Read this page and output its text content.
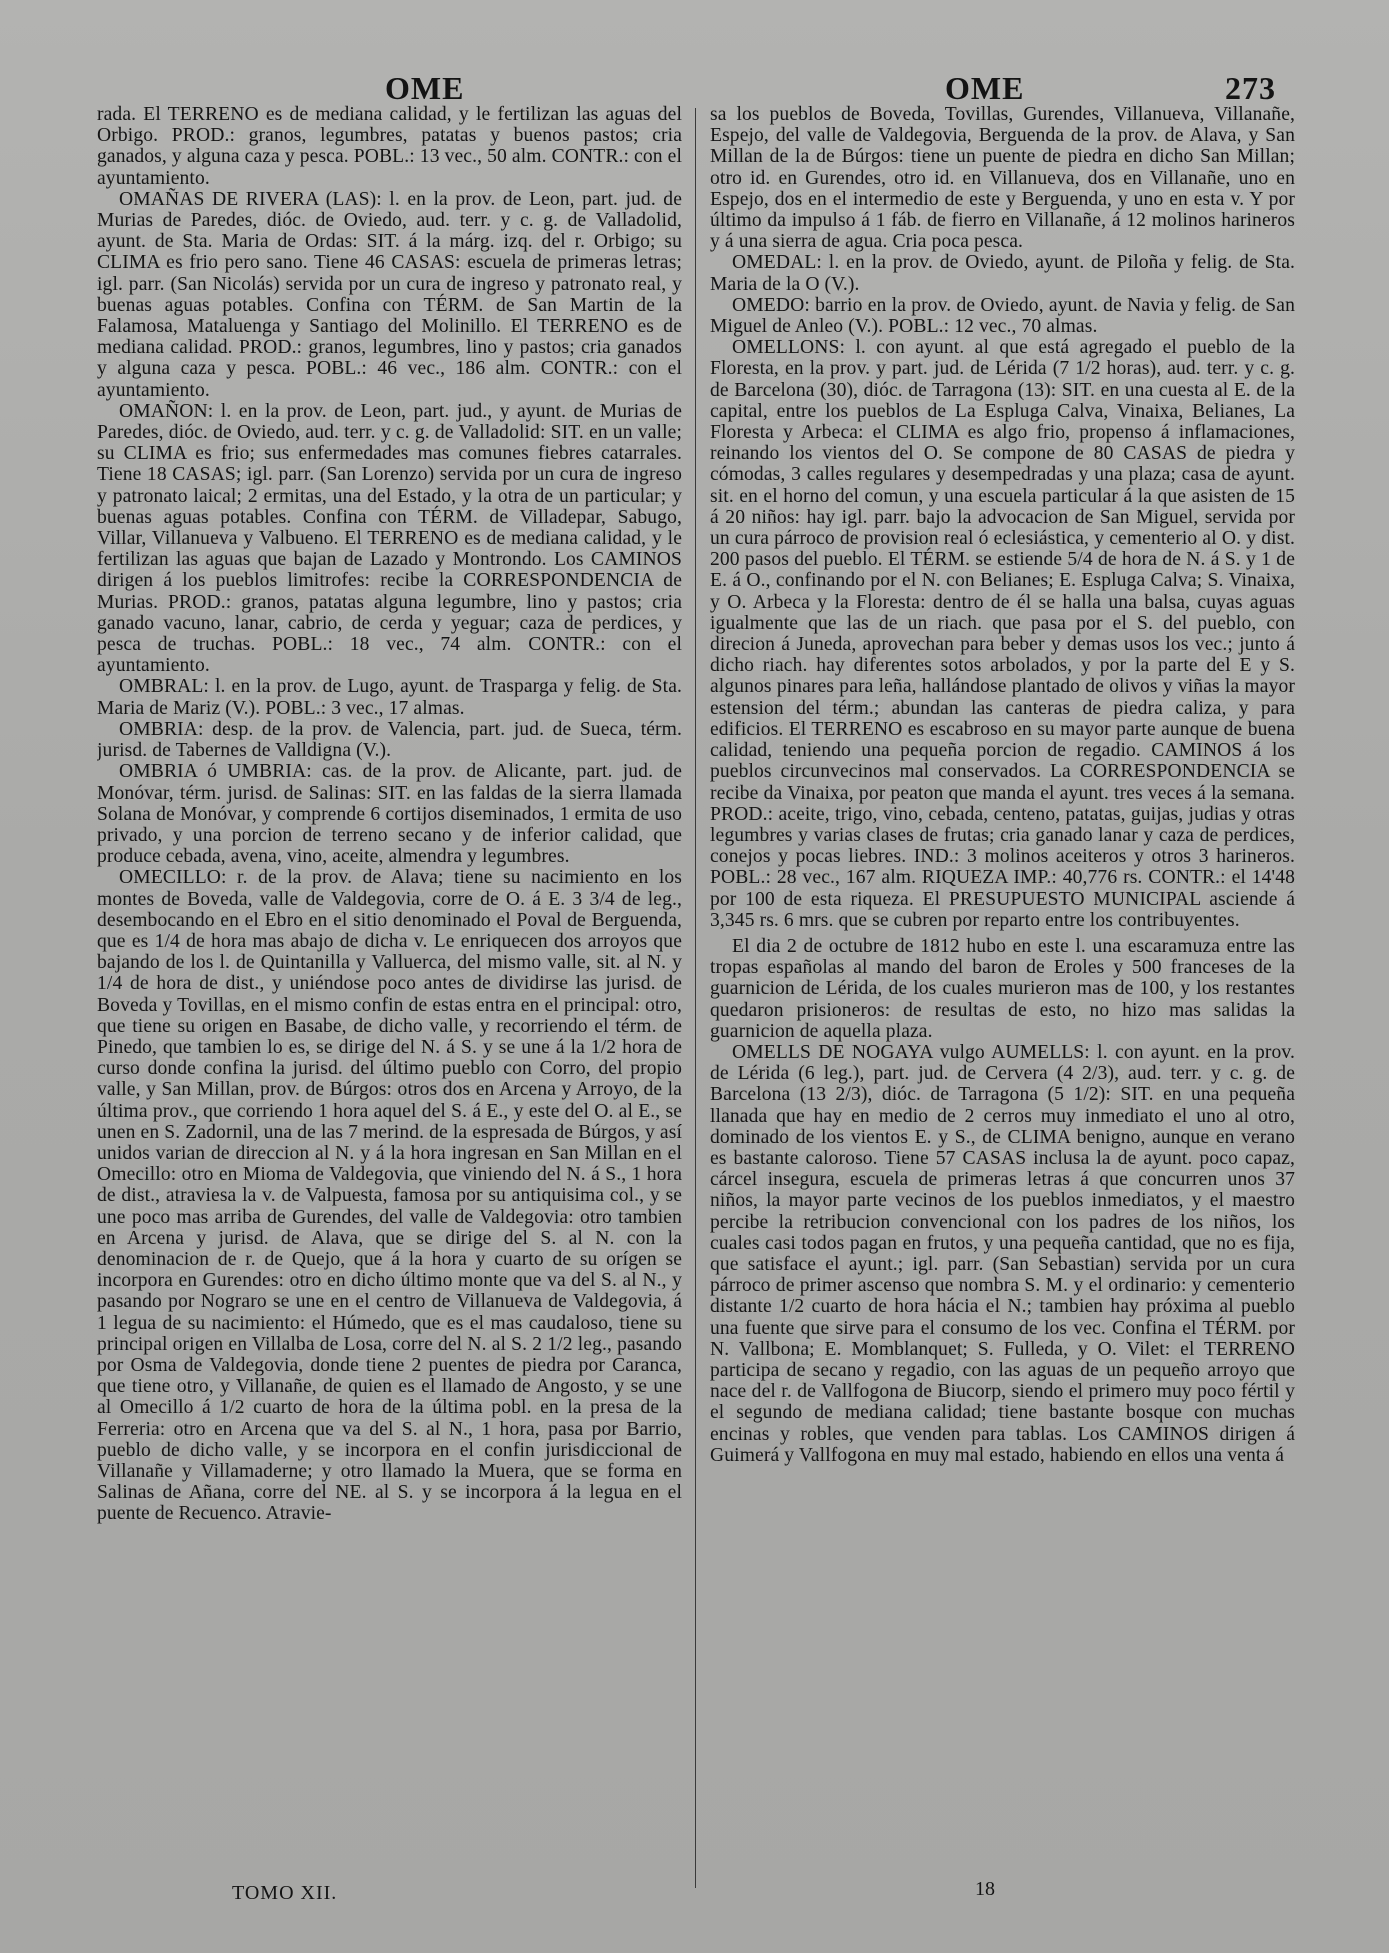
OME	OME	273

rada. El TERRENO es de mediana calidad, y le fertilizan las aguas del Orbigo. PROD.: granos, legumbres, patatas y buenos pastos; cria ganados, y alguna caza y pesca. POBL.: 13 vec., 50 alm. CONTR.: con el ayuntamiento.

OMAÑAS DE RIVERA (LAS): l. en la prov. de Leon, part. jud. de Murias de Paredes, dióc. de Oviedo, aud. terr. y c. g. de Valladolid, ayunt. de Sta. Maria de Ordas: SIT. á la márg. izq. del r. Orbigo; su CLIMA es frio pero sano. Tiene 46 CASAS: escuela de primeras letras; igl. parr. (San Nicolás) servida por un cura de ingreso y patronato real, y buenas aguas potables. Confina con TÉRM. de San Martin de la Falamosa, Mataluenga y Santiago del Molinillo. El TERRENO es de mediana calidad. PROD.: granos, legumbres, lino y pastos; cria ganados y alguna caza y pesca. POBL.: 46 vec., 186 alm. CONTR.: con el ayuntamiento.

OMAÑON: l. en la prov. de Leon, part. jud., y ayunt. de Murias de Paredes, dióc. de Oviedo, aud. terr. y c. g. de Valladolid: SIT. en un valle; su CLIMA es frio; sus enfermedades mas comunes fiebres catarrales. Tiene 18 CASAS; igl. parr. (San Lorenzo) servida por un cura de ingreso y patronato laical; 2 ermitas, una del Estado, y la otra de un particular; y buenas aguas potables. Confina con TÉRM. de Villadepar, Sabugo, Villar, Villanueva y Valbueno. El TERRENO es de mediana calidad, y le fertilizan las aguas que bajan de Lazado y Montrondo. Los CAMINOS dirigen á los pueblos limitrofes: recibe la CORRESPONDENCIA de Murias. PROD.: granos, patatas alguna legumbre, lino y pastos; cria ganado vacuno, lanar, cabrio, de cerda y yeguar; caza de perdices, y pesca de truchas. POBL.: 18 vec., 74 alm. CONTR.: con el ayuntamiento.

OMBRAL: l. en la prov. de Lugo, ayunt. de Trasparga y felig. de Sta. Maria de Mariz (V.). POBL.: 3 vec., 17 almas.

OMBRIA: desp. de la prov. de Valencia, part. jud. de Sueca, térm. jurisd. de Tabernes de Valldigna (V.).

OMBRIA ó UMBRIA: cas. de la prov. de Alicante, part. jud. de Monóvar, térm. jurisd. de Salinas: SIT. en las faldas de la sierra llamada Solana de Monóvar, y comprende 6 cortijos diseminados, 1 ermita de uso privado, y una porcion de terreno secano y de inferior calidad, que produce cebada, avena, vino, aceite, almendra y legumbres.

OMECILLO: r. de la prov. de Alava; tiene su nacimiento en los montes de Boveda, valle de Valdegovia, corre de O. á E. 3 3/4 de leg., desembocando en el Ebro en el sitio denominado el Poval de Berguenda, que es 1/4 de hora mas abajo de dicha v. Le enriquecen dos arroyos que bajando de los l. de Quintanilla y Valluerca, del mismo valle, sit. al N. y 1/4 de hora de dist., y uniéndose poco antes de dividirse las jurisd. de Boveda y Tovillas, en el mismo confin de estas entra en el principal: otro, que tiene su origen en Basabe, de dicho valle, y recorriendo el térm. de Pinedo, que tambien lo es, se dirige del N. á S. y se une á la 1/2 hora de curso donde confina la jurisd. del último pueblo con Corro, del propio valle, y San Millan, prov. de Búrgos: otros dos en Arcena y Arroyo, de la última prov., que corriendo 1 hora aquel del S. á E., y este del O. al E., se unen en S. Zadornil, una de las 7 merind. de la espresada de Búrgos, y así unidos varian de direccion al N. y á la hora ingresan en San Millan en el Omecillo: otro en Mioma de Valdegovia, que viniendo del N. á S., 1 hora de dist., atraviesa la v. de Valpuesta, famosa por su antiquisima col., y se une poco mas arriba de Gurendes, del valle de Valdegovia: otro tambien en Arcena y jurisd. de Alava, que se dirige del S. al N. con la denominacion de r. de Quejo, que á la hora y cuarto de su orígen se incorpora en Gurendes: otro en dicho último monte que va del S. al N., y pasando por Nograro se une en el centro de Villanueva de Valdegovia, á 1 legua de su nacimiento: el Húmedo, que es el mas caudaloso, tiene su principal origen en Villalba de Losa, corre del N. al S. 2 1/2 leg., pasando por Osma de Valdegovia, donde tiene 2 puentes de piedra por Caranca, que tiene otro, y Villanañe, de quien es el llamado de Angosto, y se une al Omecillo á 1/2 cuarto de hora de la última pobl. en la presa de la Ferreria: otro en Arcena que va del S. al N., 1 hora, pasa por Barrio, pueblo de dicho valle, y se incorpora en el confin jurisdiccional de Villanañe y Villamaderne; y otro llamado la Muera, que se forma en Salinas de Añana, corre del NE. al S. y se incorpora á la legua en el puente de Recuenco. Atravie-

sa los pueblos de Boveda, Tovillas, Gurendes, Villanueva, Villanañe, Espejo, del valle de Valdegovia, Berguenda de la prov. de Alava, y San Millan de la de Búrgos: tiene un puente de piedra en dicho San Millan; otro id. en Gurendes, otro id. en Villanueva, dos en Villanañe, uno en Espejo, dos en el intermedio de este y Berguenda, y uno en esta v. Y por último da impulso á 1 fáb. de fierro en Villanañe, á 12 molinos harineros y á una sierra de agua. Cria poca pesca.

OMEDAL: l. en la prov. de Oviedo, ayunt. de Piloña y felig. de Sta. Maria de la O (V.).

OMEDO: barrio en la prov. de Oviedo, ayunt. de Navia y felig. de San Miguel de Anleo (V.). POBL.: 12 vec., 70 almas.

OMELLONS: l. con ayunt. al que está agregado el pueblo de la Floresta, en la prov. y part. jud. de Lérida (7 1/2 horas), aud. terr. y c. g. de Barcelona (30), dióc. de Tarragona (13): SIT. en una cuesta al E. de la capital, entre los pueblos de La Espluga Calva, Vinaixa, Belianes, La Floresta y Arbeca: el CLIMA es algo frio, propenso á inflamaciones, reinando los vientos del O. Se compone de 80 CASAS de piedra y cómodas, 3 calles regulares y desempedradas y una plaza; casa de ayunt. sit. en el horno del comun, y una escuela particular á la que asisten de 15 á 20 niños: hay igl. parr. bajo la advocacion de San Miguel, servida por un cura párroco de provision real ó eclesiástica, y cementerio al O. y dist. 200 pasos del pueblo. El TÉRM. se estiende 5/4 de hora de N. á S. y 1 de E. á O., confinando por el N. con Belianes; E. Espluga Calva; S. Vinaixa, y O. Arbeca y la Floresta: dentro de él se halla una balsa, cuyas aguas igualmente que las de un riach. que pasa por el S. del pueblo, con direcion á Juneda, aprovechan para beber y demas usos los vec.; junto á dicho riach. hay diferentes sotos arbolados, y por la parte del E y S. algunos pinares para leña, hallándose plantado de olivos y viñas la mayor estension del térm.; abundan las canteras de piedra caliza, y para edificios. El TERRENO es escabroso en su mayor parte aunque de buena calidad, teniendo una pequeña porcion de regadio. CAMINOS á los pueblos circunvecinos mal conservados. La CORRESPONDENCIA se recibe da Vinaixa, por peaton que manda el ayunt. tres veces á la semana. PROD.: aceite, trigo, vino, cebada, centeno, patatas, guijas, judias y otras legumbres y varias clases de frutas; cria ganado lanar y caza de perdices, conejos y pocas liebres. IND.: 3 molinos aceiteros y otros 3 harineros. POBL.: 28 vec., 167 alm. RIQUEZA IMP.: 40,776 rs. CONTR.: el 14'48 por 100 de esta riqueza. El PRESUPUESTO MUNICIPAL asciende á 3,345 rs. 6 mrs. que se cubren por reparto entre los contribuyentes.

El dia 2 de octubre de 1812 hubo en este l. una escaramuza entre las tropas españolas al mando del baron de Eroles y 500 franceses de la guarnicion de Lérida, de los cuales murieron mas de 100, y los restantes quedaron prisioneros: de resultas de esto, no hizo mas salidas la guarnicion de aquella plaza.

OMELLS DE NOGAYA vulgo AUMELLS: l. con ayunt. en la prov. de Lérida (6 leg.), part. jud. de Cervera (4 2/3), aud. terr. y c. g. de Barcelona (13 2/3), dióc. de Tarragona (5 1/2): SIT. en una pequeña llanada que hay en medio de 2 cerros muy inmediato el uno al otro, dominado de los vientos E. y S., de CLIMA benigno, aunque en verano es bastante caloroso. Tiene 57 CASAS inclusa la de ayunt. poco capaz, cárcel insegura, escuela de primeras letras á que concurren unos 37 niños, la mayor parte vecinos de los pueblos inmediatos, y el maestro percibe la retribucion convencional con los padres de los niños, los cuales casi todos pagan en frutos, y una pequeña cantidad, que no es fija, que satisface el ayunt.; igl. parr. (San Sebastian) servida por un cura párroco de primer ascenso que nombra S. M. y el ordinario: y cementerio distante 1/2 cuarto de hora hácia el N.; tambien hay próxima al pueblo una fuente que sirve para el consumo de los vec. Confina el TÉRM. por N. Vallbona; E. Momblanquet; S. Fulleda, y O. Vilet: el TERRENO participa de secano y regadio, con las aguas de un pequeño arroyo que nace del r. de Vallfogona de Biucorp, siendo el primero muy poco fértil y el segundo de mediana calidad; tiene bastante bosque con muchas encinas y robles, que venden para tablas. Los CAMINOS dirigen á Guimerá y Vallfogona en muy mal estado, habiendo en ellos una venta á

TOMO XII.	18
